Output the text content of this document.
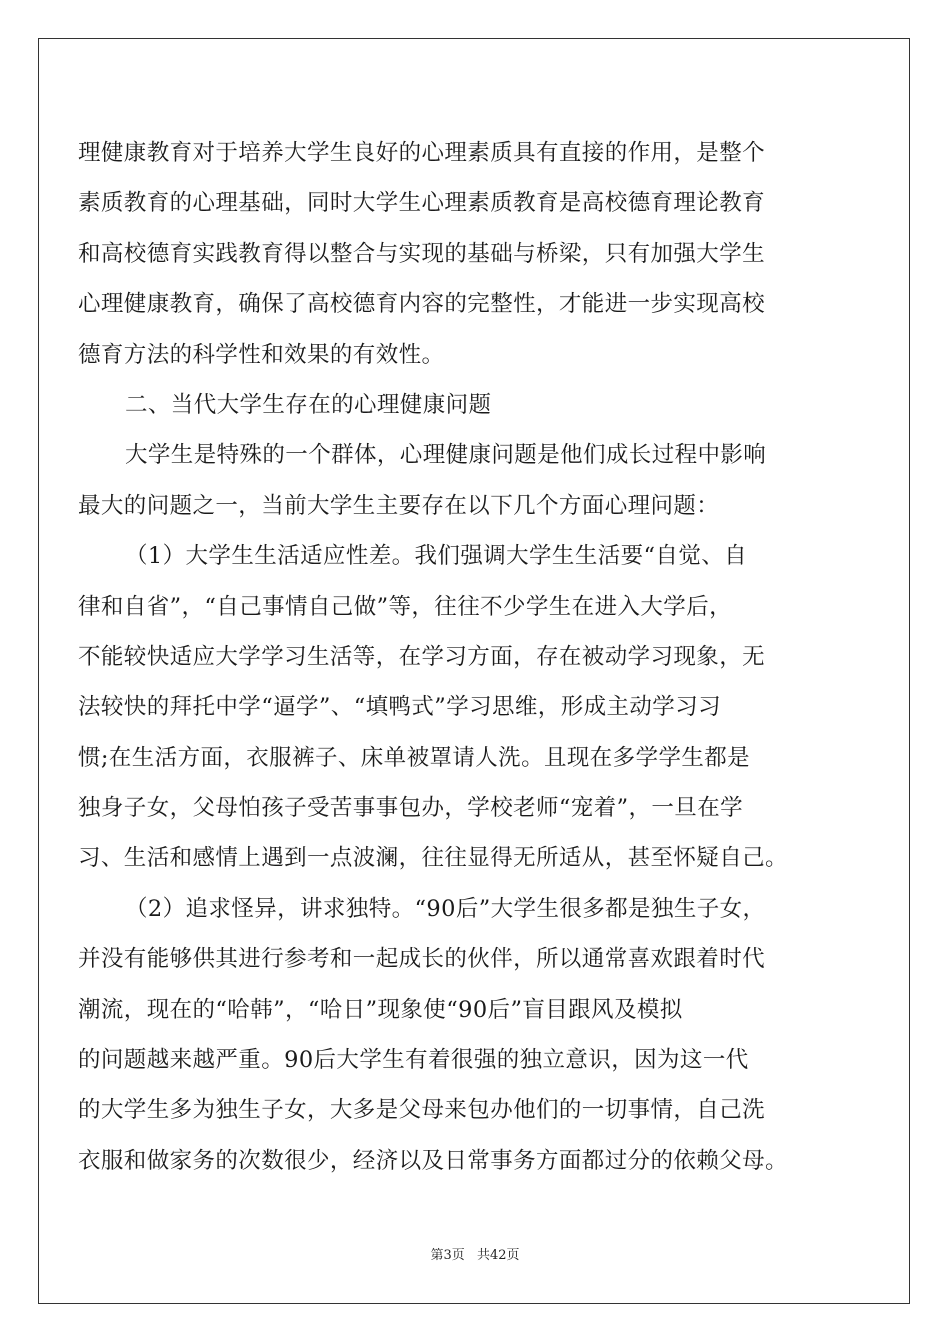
理健康教育对于培养大学生良好的心理素质具有直接的作用，是整个
素质教育的心理基础，同时大学生心理素质教育是高校德育理论教育
和高校德育实践教育得以整合与实现的基础与桥梁，只有加强大学生
心理健康教育，确保了高校德育内容的完整性，才能进一步实现高校
德育方法的科学性和效果的有效性。
二、当代大学生存在的心理健康问题
大学生是特殊的一个群体，心理健康问题是他们成长过程中影响
最大的问题之一，当前大学生主要存在以下几个方面心理问题：
（1）大学生生活适应性差。我们强调大学生生活要“自觉、自
律和自省”，“自己事情自己做”等，往往不少学生在进入大学后，
不能较快适应大学学习生活等，在学习方面，存在被动学习现象，无
法较快的拜托中学“逼学”、“填鸭式”学习思维，形成主动学习习
惯;在生活方面，衣服裤子、床单被罩请人洗。且现在多学学生都是
独身子女，父母怕孩子受苦事事包办，学校老师“宠着”，一旦在学
习、生活和感情上遇到一点波澜，往往显得无所适从，甚至怀疑自己。
（2）追求怪异，讲求独特。“90后”大学生很多都是独生子女，
并没有能够供其进行参考和一起成长的伙伴，所以通常喜欢跟着时代
潮流，现在的“哈韩”，“哈日”现象使“90后”盲目跟风及模拟
的问题越来越严重。90后大学生有着很强的独立意识，因为这一代
的大学生多为独生子女，大多是父母来包办他们的一切事情，自己洗
衣服和做家务的次数很少，经济以及日常事务方面都过分的依赖父母。
第3页 共42页
